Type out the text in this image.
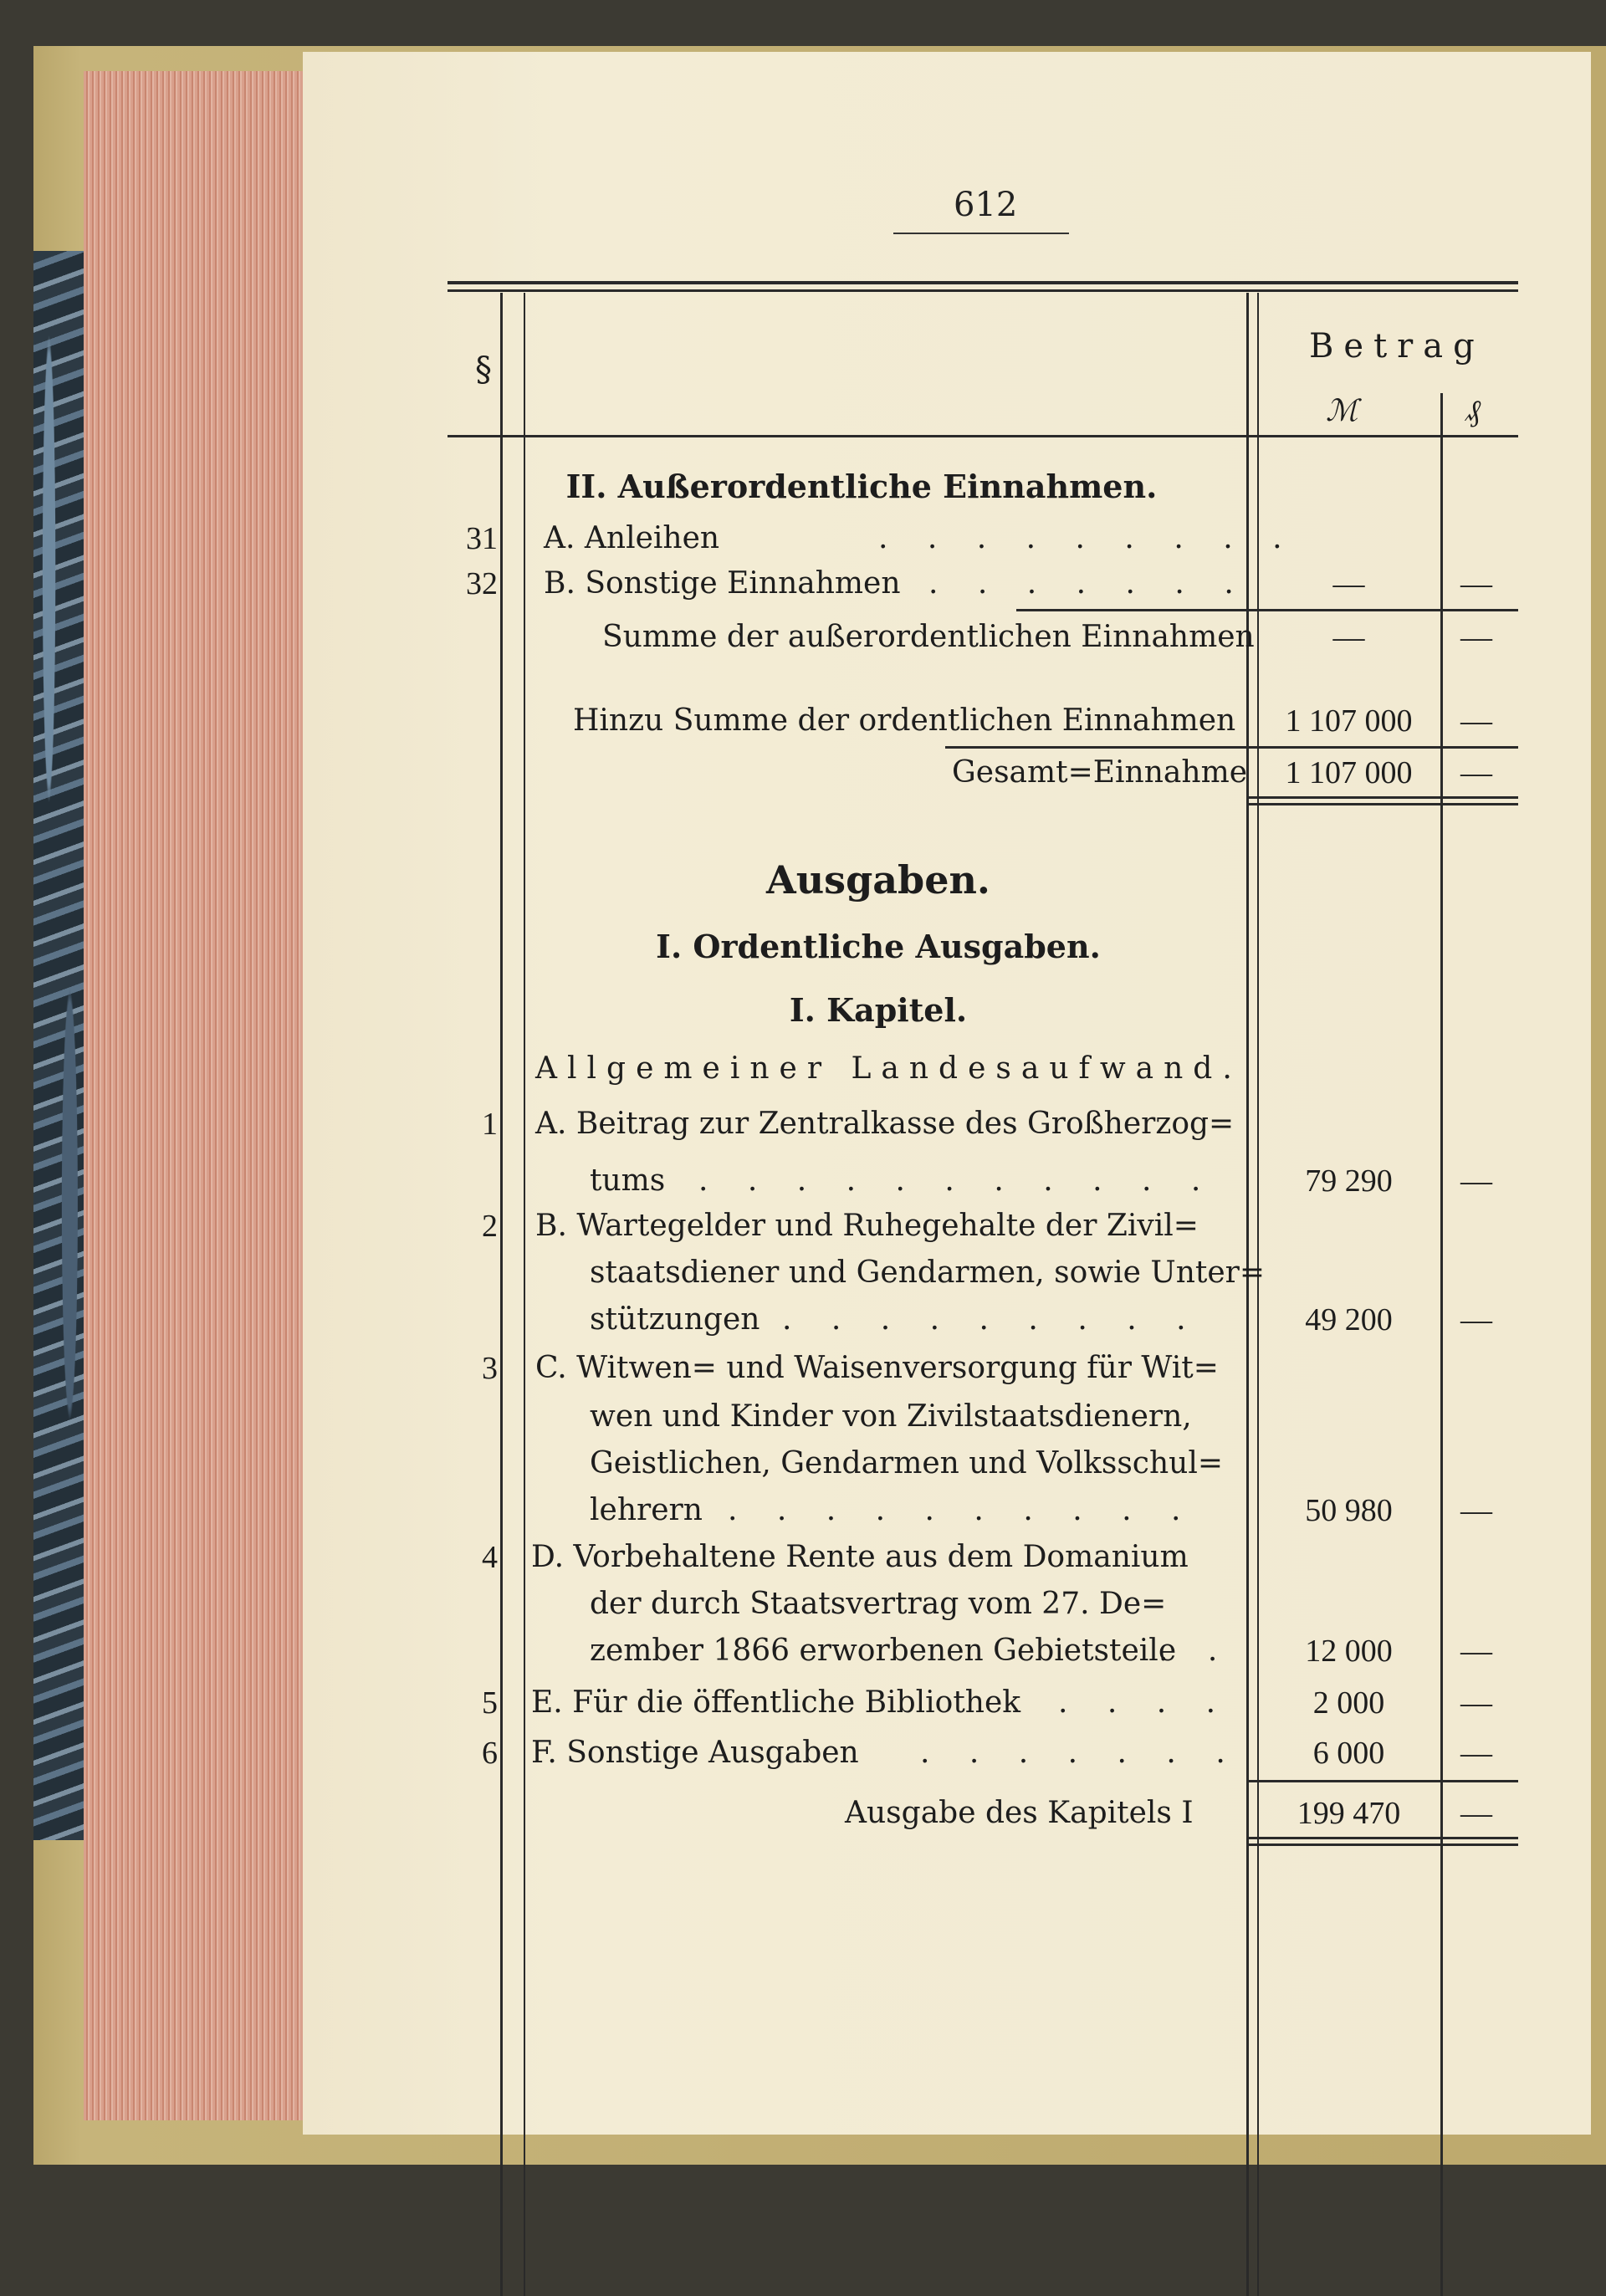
612
§
Betrag
ℳ	₰
II. Außerordentliche Einnahmen.
31 A. Anleihen	. . . . . . . . .
32 B. Sonstige Einnahmen . . . . . . .	—	—
Summe der außerordentlichen Einnahmen	—	—
Hinzu Summe der ordentlichen Einnahmen	1 107 000	—
Gesamt=Einnahme	1 107 000	—
Ausgaben.
I. Ordentliche Ausgaben.
I. Kapitel.
Allgemeiner Landesaufwand.
1 A. Beitrag zur Zentralkasse des Großherzog=
tums . . . . . . . . . . .	79 290	—
2 B. Wartegelder und Ruhegehalte der Zivil=
staatsdiener und Gendarmen, sowie Unter=
stützungen . . . . . . . . .	49 200	—
3 C. Witwen= und Waisenversorgung für Wit=
wen und Kinder von Zivilstaatsdienern,
Geistlichen, Gendarmen und Volksschul=
lehrern . . . . . . . . . .	50 980	—
4 D. Vorbehaltene Rente aus dem Domanium
der durch Staatsvertrag vom 27. De=
zember 1866 erworbenen Gebietsteile
. .	12 000	—
5 E. Für die öffentliche Bibliothek . . . .	2 000	—
6 F. Sonstige Ausgaben . . . . . . .	6 000	—
Ausgabe des Kapitels I	199 470	—
